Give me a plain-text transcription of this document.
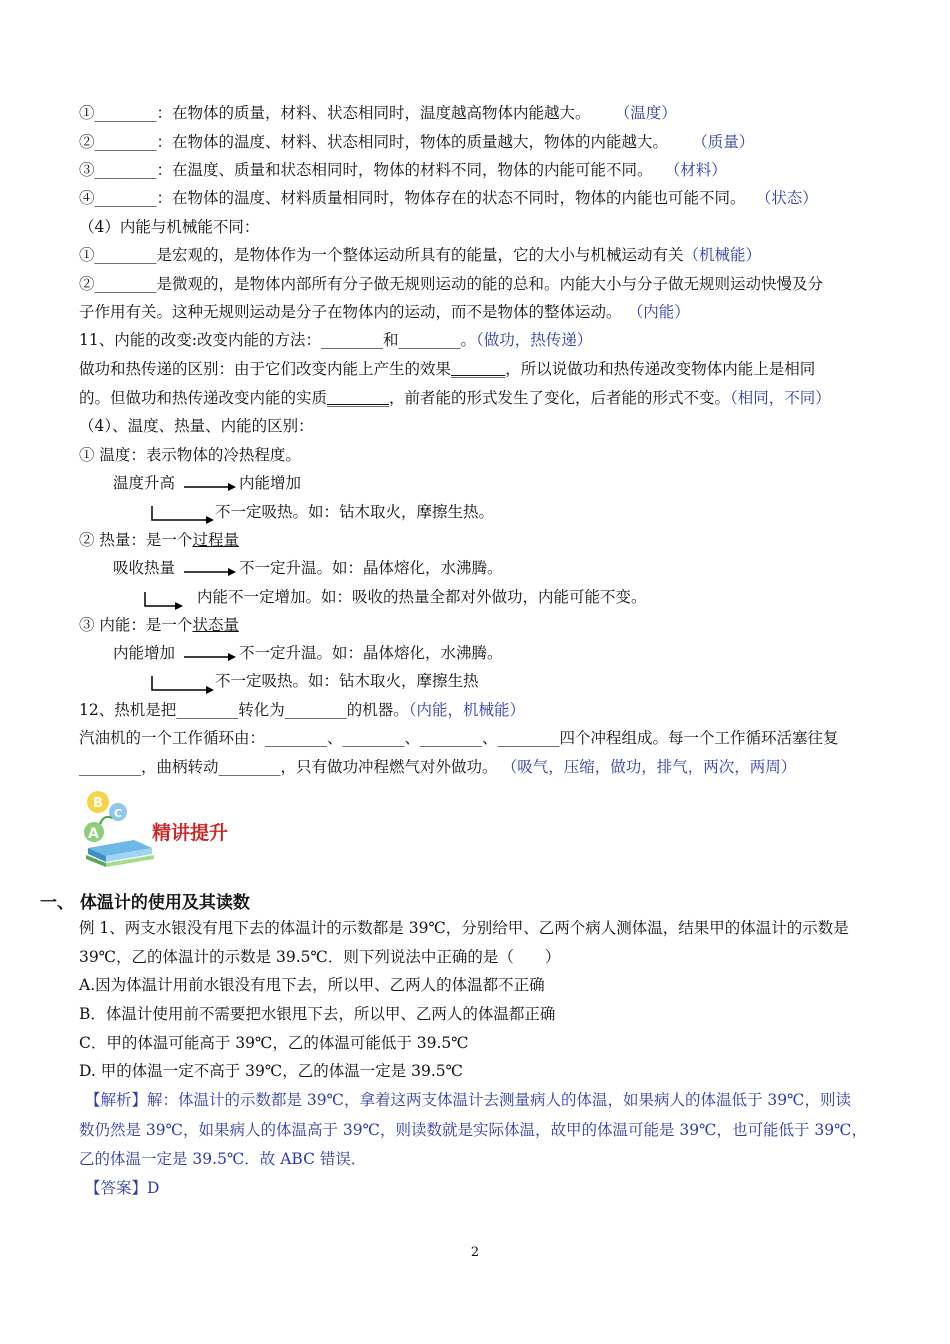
①________：在物体的质量，材料、状态相同时，温度越高物体内能越大。 （温度）
②________：在物体的温度、材料、状态相同时，物体的质量越大，物体的内能越大。 （质量）
③________：在温度、质量和状态相同时，物体的材料不同，物体的内能可能不同。 （材料）
④________：在物体的温度、材料质量相同时，物体存在的状态不同时，物体的内能也可能不同。 （状态）
（4）内能与机械能不同：
①________是宏观的，是物体作为一个整体运动所具有的能量，它的大小与机械运动有关（机械能）
②________是微观的，是物体内部所有分子做无规则运动的能的总和。内能大小与分子做无规则运动快慢及分
子作用有关。这种无规则运动是分子在物体内的运动，而不是物体的整体运动。 （内能）
11、内能的改变:改变内能的方法：________和________。（做功，热传递）
做功和热传递的区别：由于它们改变内能上产生的效果_______，所以说做功和热传递改变物体内能上是相同
的。但做功和热传递改变内能的实质________，前者能的形式发生了变化，后者能的形式不变。（相同，不同）
（4）、温度、热量、内能的区别：
① 温度：表示物体的冷热程度。
温度升高	内能增加
不一定吸热。如：钻木取火，摩擦生热。
② 热量：是一个过程量
吸收热量	不一定升温。如：晶体熔化，水沸腾。
内能不一定增加。如：吸收的热量全都对外做功，内能可能不变。
③ 内能：是一个状态量
内能增加	不一定升温。如：晶体熔化，水沸腾。
不一定吸热。如：钻木取火，摩擦生热
12、热机是把________转化为________的机器。（内能，机械能）
汽油机的一个工作循环由：________、________、________、________四个冲程组成。每一个工作循环活塞往复
________，曲柄转动________，只有做功冲程燃气对外做功。 （吸气，压缩，做功，排气，两次，两周）
B
C
A	精讲提升
一、 体温计的使用及其读数
例 1、两支水银没有甩下去的体温计的示数都是 39℃，分别给甲、乙两个病人测体温，结果甲的体温计的示数是
39℃，乙的体温计的示数是 39.5℃．则下列说法中正确的是（　　）
A.因为体温计用前水银没有甩下去，所以甲、乙两人的体温都不正确
B．体温计使用前不需要把水银甩下去，所以甲、乙两人的体温都正确
C．甲的体温可能高于 39℃，乙的体温可能低于 39.5℃
D. 甲的体温一定不高于 39℃，乙的体温一定是 39.5℃
【解析】解：体温计的示数都是 39℃，拿着这两支体温计去测量病人的体温，如果病人的体温低于 39℃，则读
数仍然是 39℃，如果病人的体温高于 39℃，则读数就是实际体温，故甲的体温可能是 39℃，也可能低于 39℃，
乙的体温一定是 39.5℃．故 ABC 错误．
【答案】D
2
